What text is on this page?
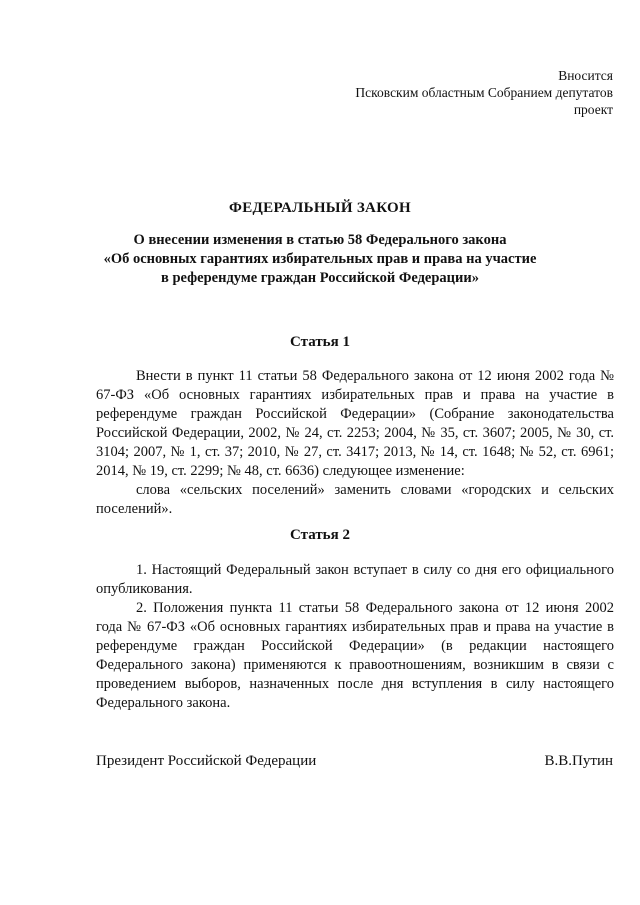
Вносится
Псковским областным Собранием депутатов
проект
ФЕДЕРАЛЬНЫЙ ЗАКОН
О внесении изменения в статью 58 Федерального закона
«Об основных гарантиях избирательных прав и права на участие
в референдуме граждан Российской Федерации»
Статья 1

Внести в пункт 11 статьи 58 Федерального закона от 12 июня 2002 года № 67-ФЗ «Об основных гарантиях избирательных прав и права на участие в референдуме граждан Российской Федерации» (Собрание законодательства Российской Федерации, 2002, № 24, ст. 2253; 2004, № 35, ст. 3607; 2005, № 30, ст. 3104; 2007, № 1, ст. 37; 2010, № 27, ст. 3417; 2013, № 14, ст. 1648; № 52, ст. 6961; 2014, № 19, ст. 2299; № 48, ст. 6636) следующее изменение:

слова «сельских поселений» заменить словами «городских и сельских поселений».

Статья 2

1. Настоящий Федеральный закон вступает в силу со дня его официального опубликования.

2. Положения пункта 11 статьи 58 Федерального закона от 12 июня 2002 года № 67-ФЗ «Об основных гарантиях избирательных прав и права на участие в референдуме граждан Российской Федерации» (в редакции настоящего Федерального закона) применяются к правоотношениям, возникшим в связи с проведением выборов, назначенных после дня вступления в силу настоящего Федерального закона.

Президент Российской Федерации	В.В.Путин
